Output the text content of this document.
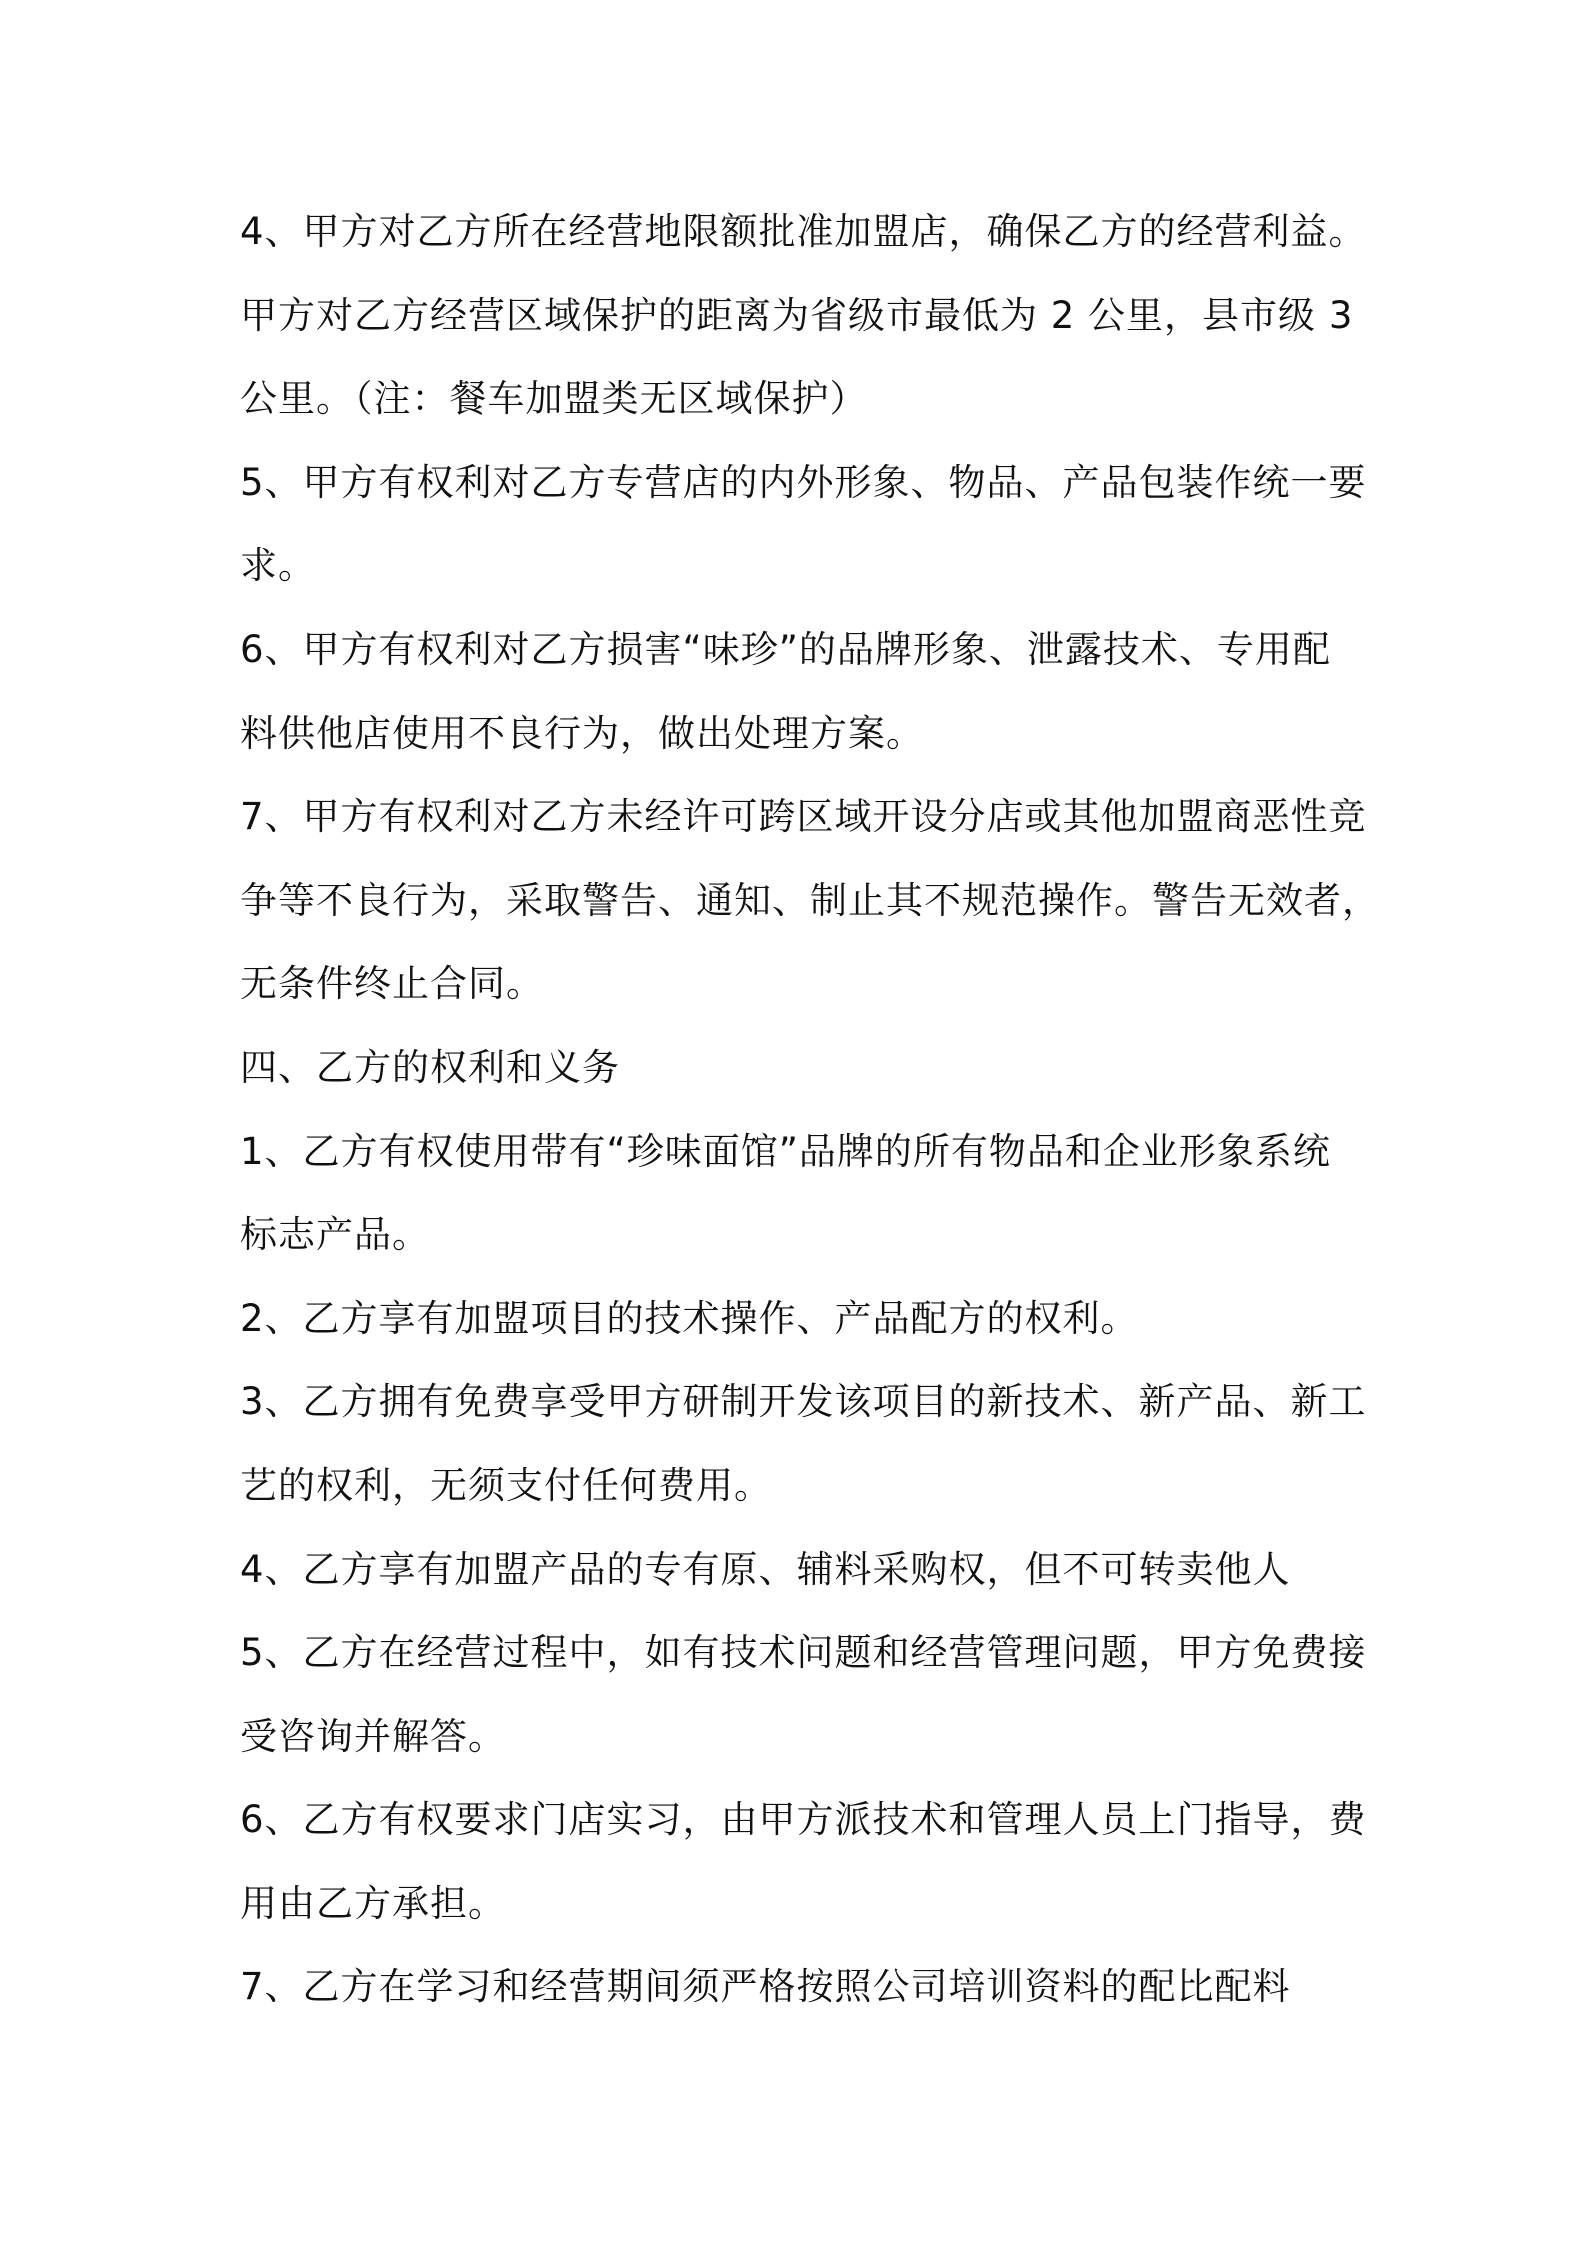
4、甲方对乙方所在经营地限额批准加盟店，确保乙方的经营利益。
甲方对乙方经营区域保护的距离为省级市最低为 2 公里，县市级 3
公里。（注：餐车加盟类无区域保护）
5、甲方有权利对乙方专营店的内外形象、物品、产品包装作统一要
求。
6、甲方有权利对乙方损害“味珍”的品牌形象、泄露技术、专用配
料供他店使用不良行为，做出处理方案。
7、甲方有权利对乙方未经许可跨区域开设分店或其他加盟商恶性竞
争等不良行为，采取警告、通知、制止其不规范操作。警告无效者，
无条件终止合同。
四、乙方的权利和义务
1、乙方有权使用带有“珍味面馆”品牌的所有物品和企业形象系统
标志产品。
2、乙方享有加盟项目的技术操作、产品配方的权利。
3、乙方拥有免费享受甲方研制开发该项目的新技术、新产品、新工
艺的权利，无须支付任何费用。
4、乙方享有加盟产品的专有原、辅料采购权，但不可转卖他人
5、乙方在经营过程中，如有技术问题和经营管理问题，甲方免费接
受咨询并解答。
6、乙方有权要求门店实习，由甲方派技术和管理人员上门指导，费
用由乙方承担。
7、乙方在学习和经营期间须严格按照公司培训资料的配比配料
